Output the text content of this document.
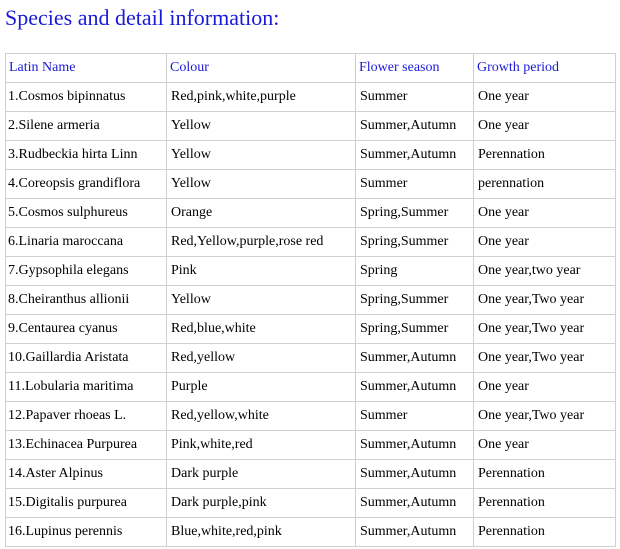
Species and detail information:
Latin Name	Colour	Flower season	Growth period
1.Cosmos bipinnatus	Red,pink,white,purple	Summer	One year
2.Silene armeria	Yellow	Summer,Autumn	One year
3.Rudbeckia hirta Linn	Yellow	Summer,Autumn	Perennation
4.Coreopsis grandiflora	Yellow	Summer	perennation
5.Cosmos sulphureus	Orange	Spring,Summer	One year
6.Linaria maroccana	Red,Yellow,purple,rose red	Spring,Summer	One year
7.Gypsophila elegans	Pink	Spring	One year,two year
8.Cheiranthus allionii	Yellow	Spring,Summer	One year,Two year
9.Centaurea cyanus	Red,blue,white	Spring,Summer	One year,Two year
10.Gaillardia Aristata	Red,yellow	Summer,Autumn	One year,Two year
11.Lobularia maritima	Purple	Summer,Autumn	One year
12.Papaver rhoeas L.	Red,yellow,white	Summer	One year,Two year
13.Echinacea Purpurea	Pink,white,red	Summer,Autumn	One year
14.Aster Alpinus	Dark purple	Summer,Autumn	Perennation
15.Digitalis purpurea	Dark purple,pink	Summer,Autumn	Perennation
16.Lupinus perennis	Blue,white,red,pink	Summer,Autumn	Perennation
